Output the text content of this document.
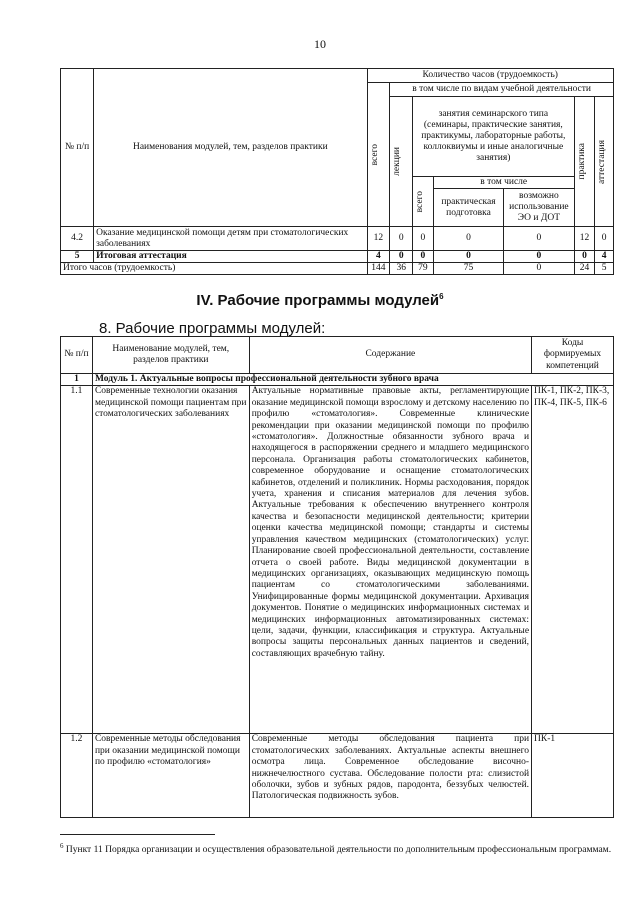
10
№ п/п	Наименования модулей, тем, разделов практики	Количество часов (трудоемкость)						

		всего	в том числе по видам учебной деятельности					

			лекции	занятия семинарского типа (семинары, практические занятия, практикумы, лабораторные работы, коллоквиумы и иные аналогичные занятия)			практика	аттестация

				всего	в том числе			
					практическая подготовка	возможно использование ЭО и ДОТ		
4.2	Оказание медицинской помощи детям при стоматологических заболеваниях	12	0	0	0	0	12	0
5	Итоговая аттестация	4	0	0	0	0	0	4
Итого часов (трудоемкость)		144	36	79	75	0	24	5
IV. Рабочие программы модулей$^6$
8. Рабочие программы модулей:
№ п/п	Наименование модулей, тем, разделов практики	Содержание	Коды формируемых компетенций
1	Модуль 1. Актуальные вопросы профессиональной деятельности зубного врача		
1.1	Современные технологии оказания медицинской помощи пациентам при стоматологических заболеваниях	Актуальные нормативные правовые акты, регламентирующие оказание медицинской помощи взрослому и детскому населению по профилю «стоматология». Современные клинические рекомендации при оказании медицинской помощи по профилю «стоматология». Должностные обязанности зубного врача и находящегося в распоряжении среднего и младшего медицинского персонала. Организация работы стоматологических кабинетов, современное оборудование и оснащение стоматологических кабинетов, отделений и поликлиник. Нормы расходования, порядок учета, хранения и списания материалов для лечения зубов. Актуальные требования к обеспечению внутреннего контроля качества и безопасности медицинской деятельности; критерии оценки качества медицинской помощи; стандарты и системы управления качеством медицинских (стоматологических) услуг. Планирование своей профессиональной деятельности, составление отчета о своей работе. Виды медицинской документации в медицинских организациях, оказывающих медицинскую помощь пациентам со стоматологическими заболеваниями. Унифицированные формы медицинской документации. Архивация документов. Понятие о медицинских информационных системах и медицинских информационных автоматизированных системах: цели, задачи, функции, классификация и структура. Актуальные вопросы защиты персональных данных пациентов и сведений, составляющих врачебную тайну.	ПК-1, ПК-2, ПК-3, ПК-4, ПК-5, ПК-6
1.2	Современные методы обследования при оказании медицинской помощи по профилю «стоматология»	Современные методы обследования пациента при стоматологических заболеваниях. Актуальные аспекты внешнего осмотра лица. Современное обследование височно-нижнечелюстного сустава. Обследование полости рта: слизистой оболочки, зубов и зубных рядов, пародонта, беззубых челюстей. Патологическая подвижность зубов.	ПК-1
$^6$ Пункт 11 Порядка организации и осуществления образовательной деятельности по дополнительным профессиональным программам.
